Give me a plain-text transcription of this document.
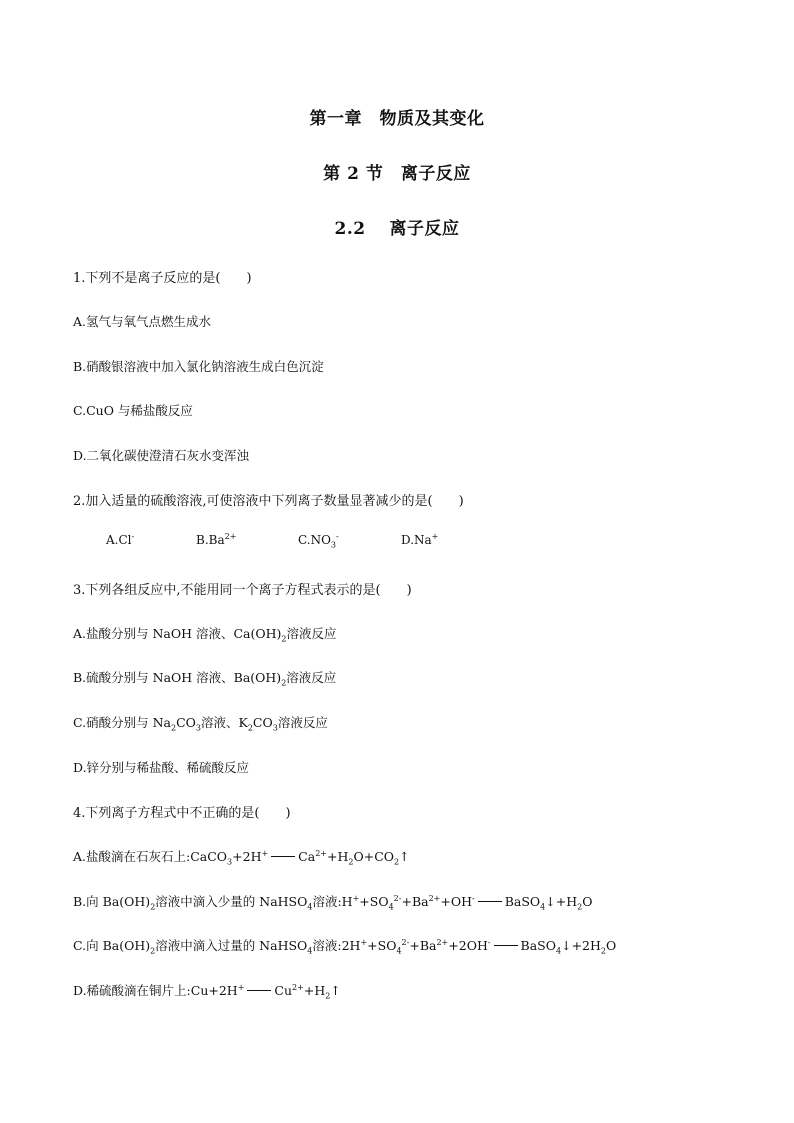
第一章　物质及其变化
第 2 节　离子反应
2.2　 离子反应
1.下列不是离子反应的是(　　)
A.氢气与氧气点燃生成水
B.硝酸银溶液中加入氯化钠溶液生成白色沉淀
C.CuO 与稀盐酸反应
D.二氧化碳使澄清石灰水变浑浊
2.加入适量的硫酸溶液,可使溶液中下列离子数量显著减少的是(　　)
A.Cl-	$B.Ba^{2+}$	$C.NO_3^-$	D.Na+
3.下列各组反应中,不能用同一个离子方程式表示的是(　　)
A.盐酸分别与 NaOH 溶液、$Ca(OH)_2$溶液反应
B.硫酸分别与 NaOH 溶液、$Ba(OH)_2$溶液反应
C.硝酸分别与 $Na_2CO_3$溶液、$K_2CO_3$溶液反应
D.锌分别与稀盐酸、稀硫酸反应
4.下列离子方程式中不正确的是(　　)
A.盐酸滴在石灰石上:CaCO$_3$+2H+ $Ca^{2+}+H_2O+CO_2↑$
B.向 $Ba(OH)_2$溶液中滴入少量的 NaHSO$_4$溶液$:H^++SO_4^{2-}+Ba^{2+}+OH^-$ $BaSO_4↓+H_2O$
C.向 $Ba(OH)_2$溶液中滴入过量的 NaHSO$_4$溶液$:2H^++SO_4^{2-}+Ba^{2+}+2OH^-$ $BaSO_4↓+2H_2O$
D.稀硫酸滴在铜片上:Cu+2H+ $Cu^{2+}+H_2↑$
